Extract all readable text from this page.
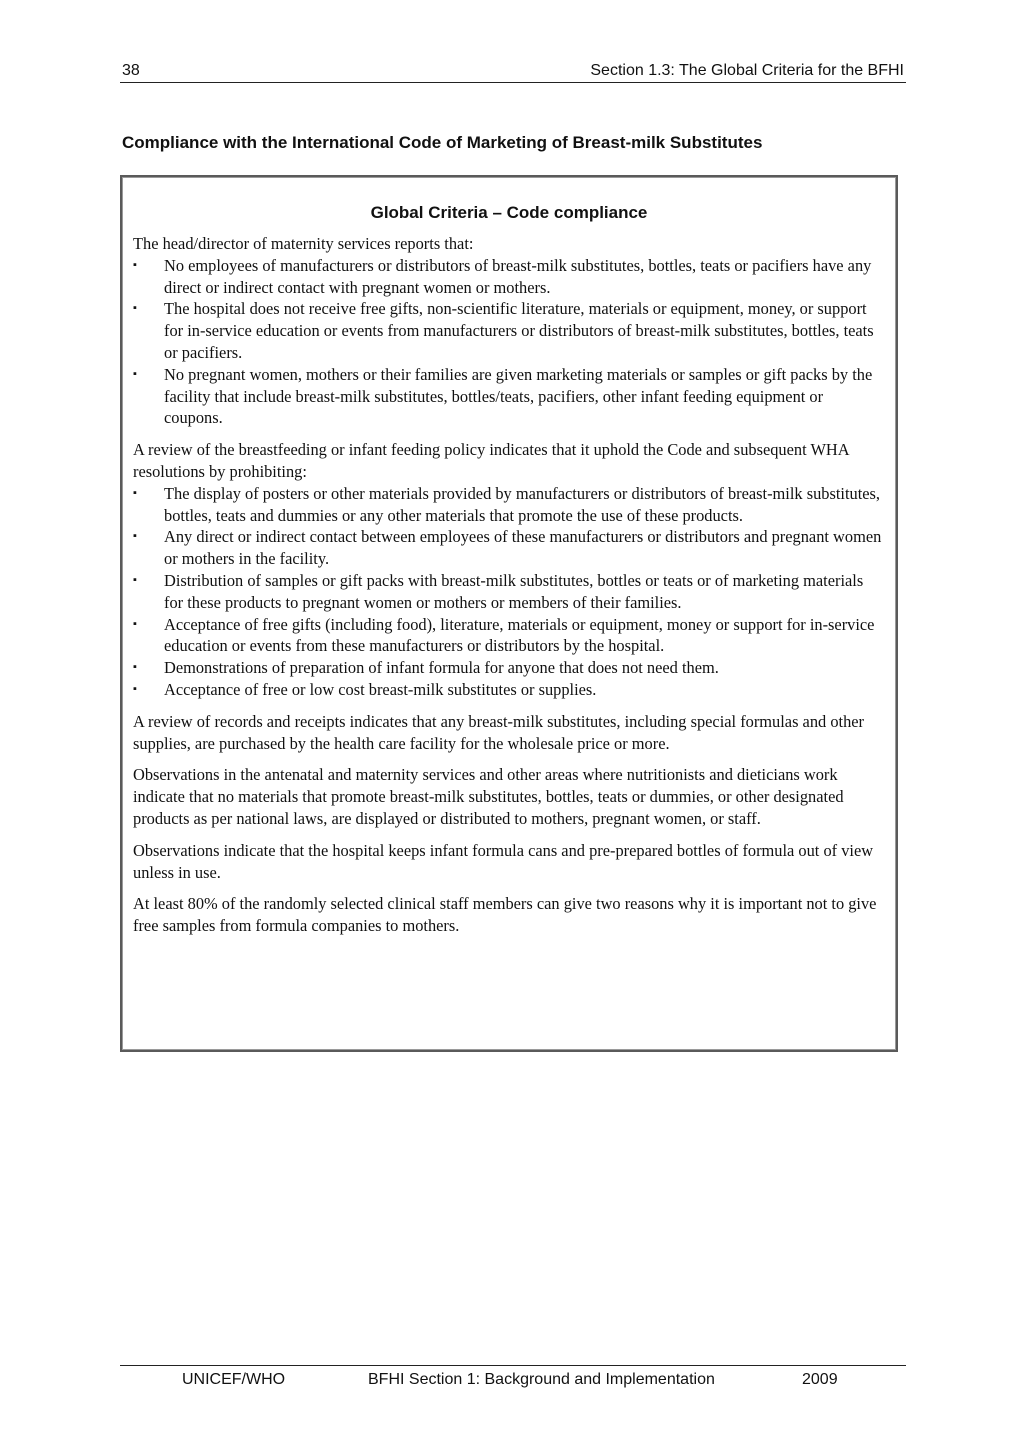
38	Section 1.3: The Global Criteria for the BFHI
Compliance with the International Code of Marketing of Breast-milk Substitutes
Global Criteria – Code compliance

The head/director of maternity services reports that:

▪ No employees of manufacturers or distributors of breast-milk substitutes, bottles, teats or pacifiers have any direct or indirect contact with pregnant women or mothers.
▪ The hospital does not receive free gifts, non-scientific literature, materials or equipment, money, or support for in-service education or events from manufacturers or distributors of breast-milk substitutes, bottles, teats or pacifiers.
▪ No pregnant women, mothers or their families are given marketing materials or samples or gift packs by the facility that include breast-milk substitutes, bottles/teats, pacifiers, other infant feeding equipment or coupons.

A review of the breastfeeding or infant feeding policy indicates that it uphold the Code and subsequent WHA resolutions by prohibiting:

▪ The display of posters or other materials provided by manufacturers or distributors of breast-milk substitutes, bottles, teats and dummies or any other materials that promote the use of these products.
▪ Any direct or indirect contact between employees of these manufacturers or distributors and pregnant women or mothers in the facility.
▪ Distribution of samples or gift packs with breast-milk substitutes, bottles or teats or of marketing materials for these products to pregnant women or mothers or members of their families.
▪ Acceptance of free gifts (including food), literature, materials or equipment, money or support for in-service education or events from these manufacturers or distributors by the hospital.
▪ Demonstrations of preparation of infant formula for anyone that does not need them.
▪ Acceptance of free or low cost breast-milk substitutes or supplies.

A review of records and receipts indicates that any breast-milk substitutes, including special formulas and other supplies, are purchased by the health care facility for the wholesale price or more.

Observations in the antenatal and maternity services and other areas where nutritionists and dieticians work indicate that no materials that promote breast-milk substitutes, bottles, teats or dummies, or other designated products as per national laws, are displayed or distributed to mothers, pregnant women, or staff.

Observations indicate that the hospital keeps infant formula cans and pre-prepared bottles of formula out of view unless in use.

At least 80% of the randomly selected clinical staff members can give two reasons why it is important not to give free samples from formula companies to mothers.

UNICEF/WHO	BFHI Section 1: Background and Implementation	2009
